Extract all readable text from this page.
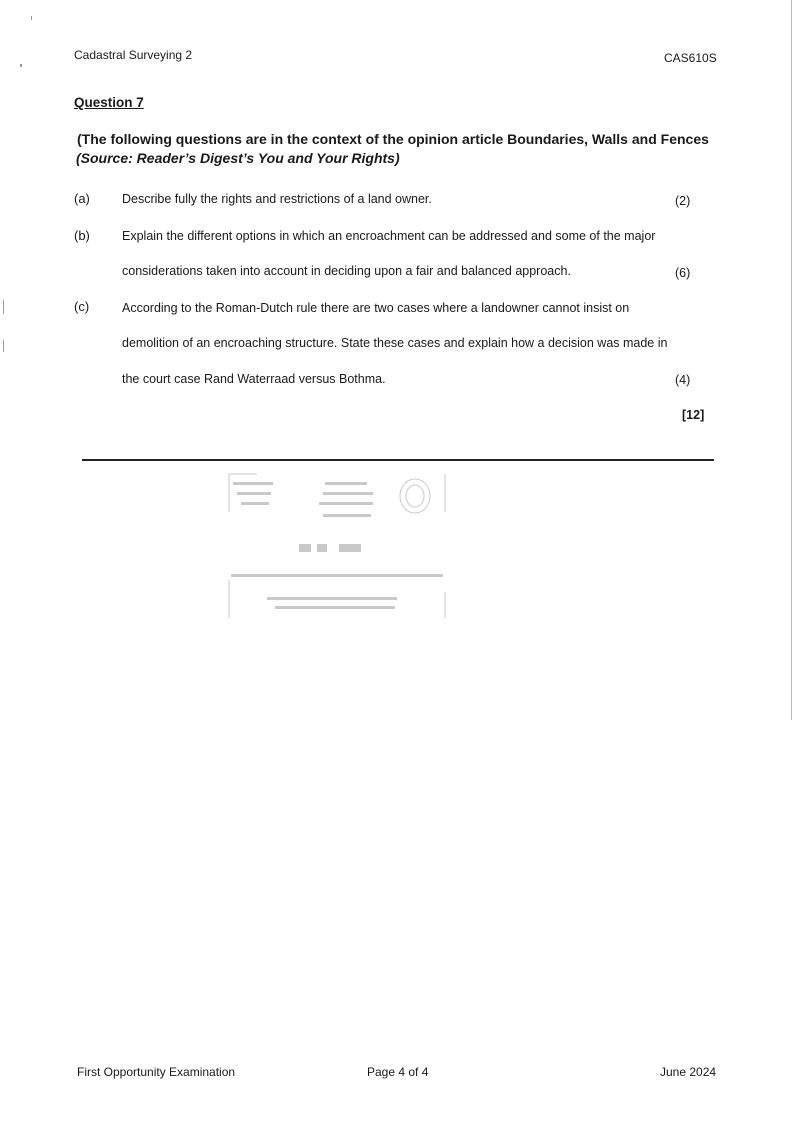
Cadastral Surveying 2	CAS610S
Question 7
(The following questions are in the context of the opinion article Boundaries, Walls and Fences
(Source: Reader’s Digest’s You and Your Rights)
(a)	Describe fully the rights and restrictions of a land owner.	(2)
(b)	Explain the different options in which an encroachment can be addressed and some of the major
considerations taken into account in deciding upon a fair and balanced approach.	(6)
(c)	According to the Roman-Dutch rule there are two cases where a landowner cannot insist on
demolition of an encroaching structure. State these cases and explain how a decision was made in
the court case Rand Waterraad versus Bothma.	(4)
[12]
First Opportunity Examination	Page 4 of 4	June 2024
